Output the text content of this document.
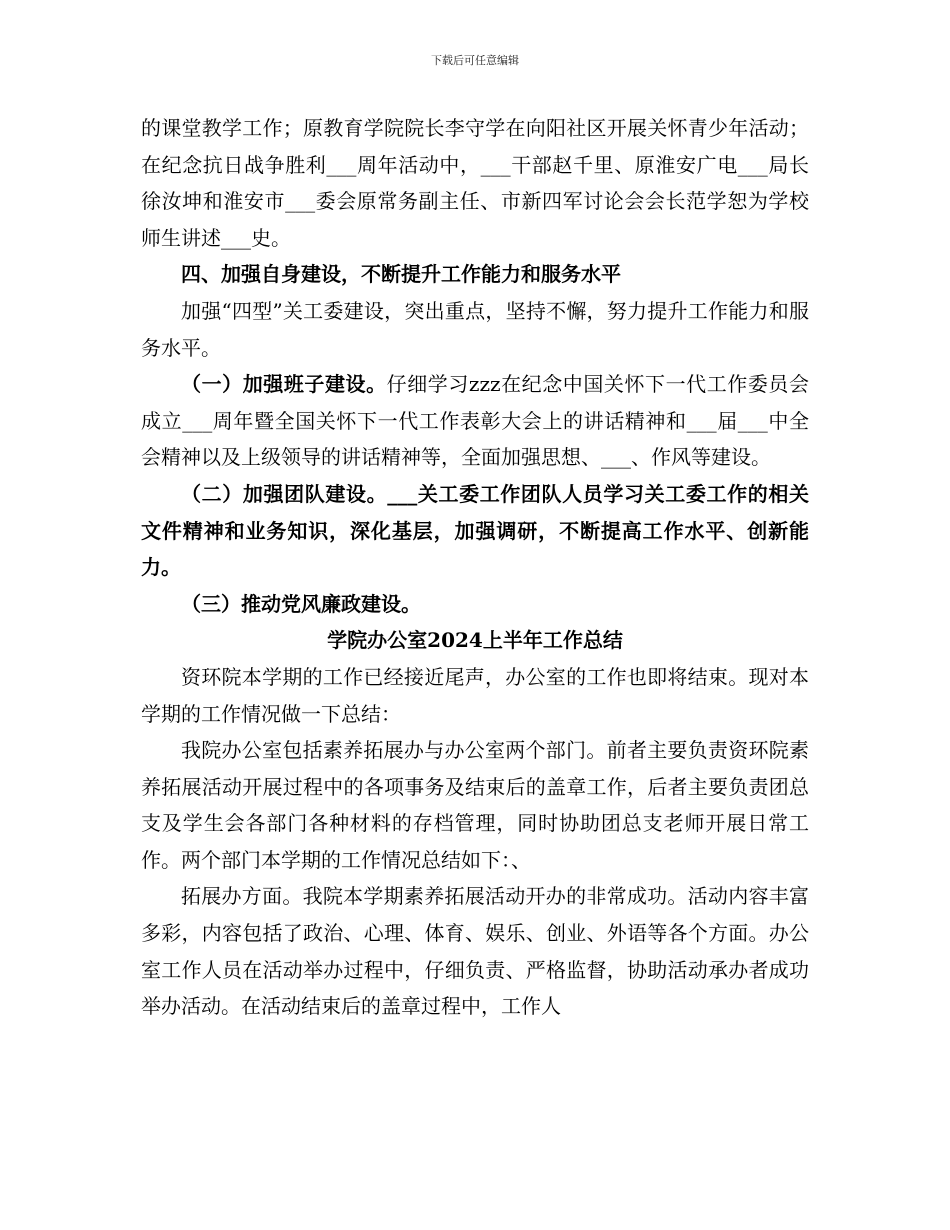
下载后可任意编辑

的课堂教学工作；原教育学院院长李守学在向阳社区开展关怀青少年活动；在纪念抗日战争胜利___周年活动中，___干部赵千里、原淮安广电___局长徐汝坤和淮安市___委会原常务副主任、市新四军讨论会会长范学恕为学校师生讲述___史。

四、加强自身建设，不断提升工作能力和服务水平

加强“四型”关工委建设，突出重点，坚持不懈，努力提升工作能力和服务水平。

（一）加强班子建设。仔细学习zzz在纪念中国关怀下一代工作委员会成立___周年暨全国关怀下一代工作表彰大会上的讲话精神和___届___中全会精神以及上级领导的讲话精神等，全面加强思想、___、作风等建设。

（二）加强团队建设。___关工委工作团队人员学习关工委工作的相关文件精神和业务知识，深化基层，加强调研，不断提高工作水平、创新能力。

（三）推动党风廉政建设。

学院办公室2024上半年工作总结

资环院本学期的工作已经接近尾声，办公室的工作也即将结束。现对本学期的工作情况做一下总结：

我院办公室包括素养拓展办与办公室两个部门。前者主要负责资环院素养拓展活动开展过程中的各项事务及结束后的盖章工作，后者主要负责团总支及学生会各部门各种材料的存档管理，同时协助团总支老师开展日常工作。两个部门本学期的工作情况总结如下：、

拓展办方面。我院本学期素养拓展活动开办的非常成功。活动内容丰富多彩，内容包括了政治、心理、体育、娱乐、创业、外语等各个方面。办公室工作人员在活动举办过程中，仔细负责、严格监督，协助活动承办者成功举办活动。在活动结束后的盖章过程中，工作人
